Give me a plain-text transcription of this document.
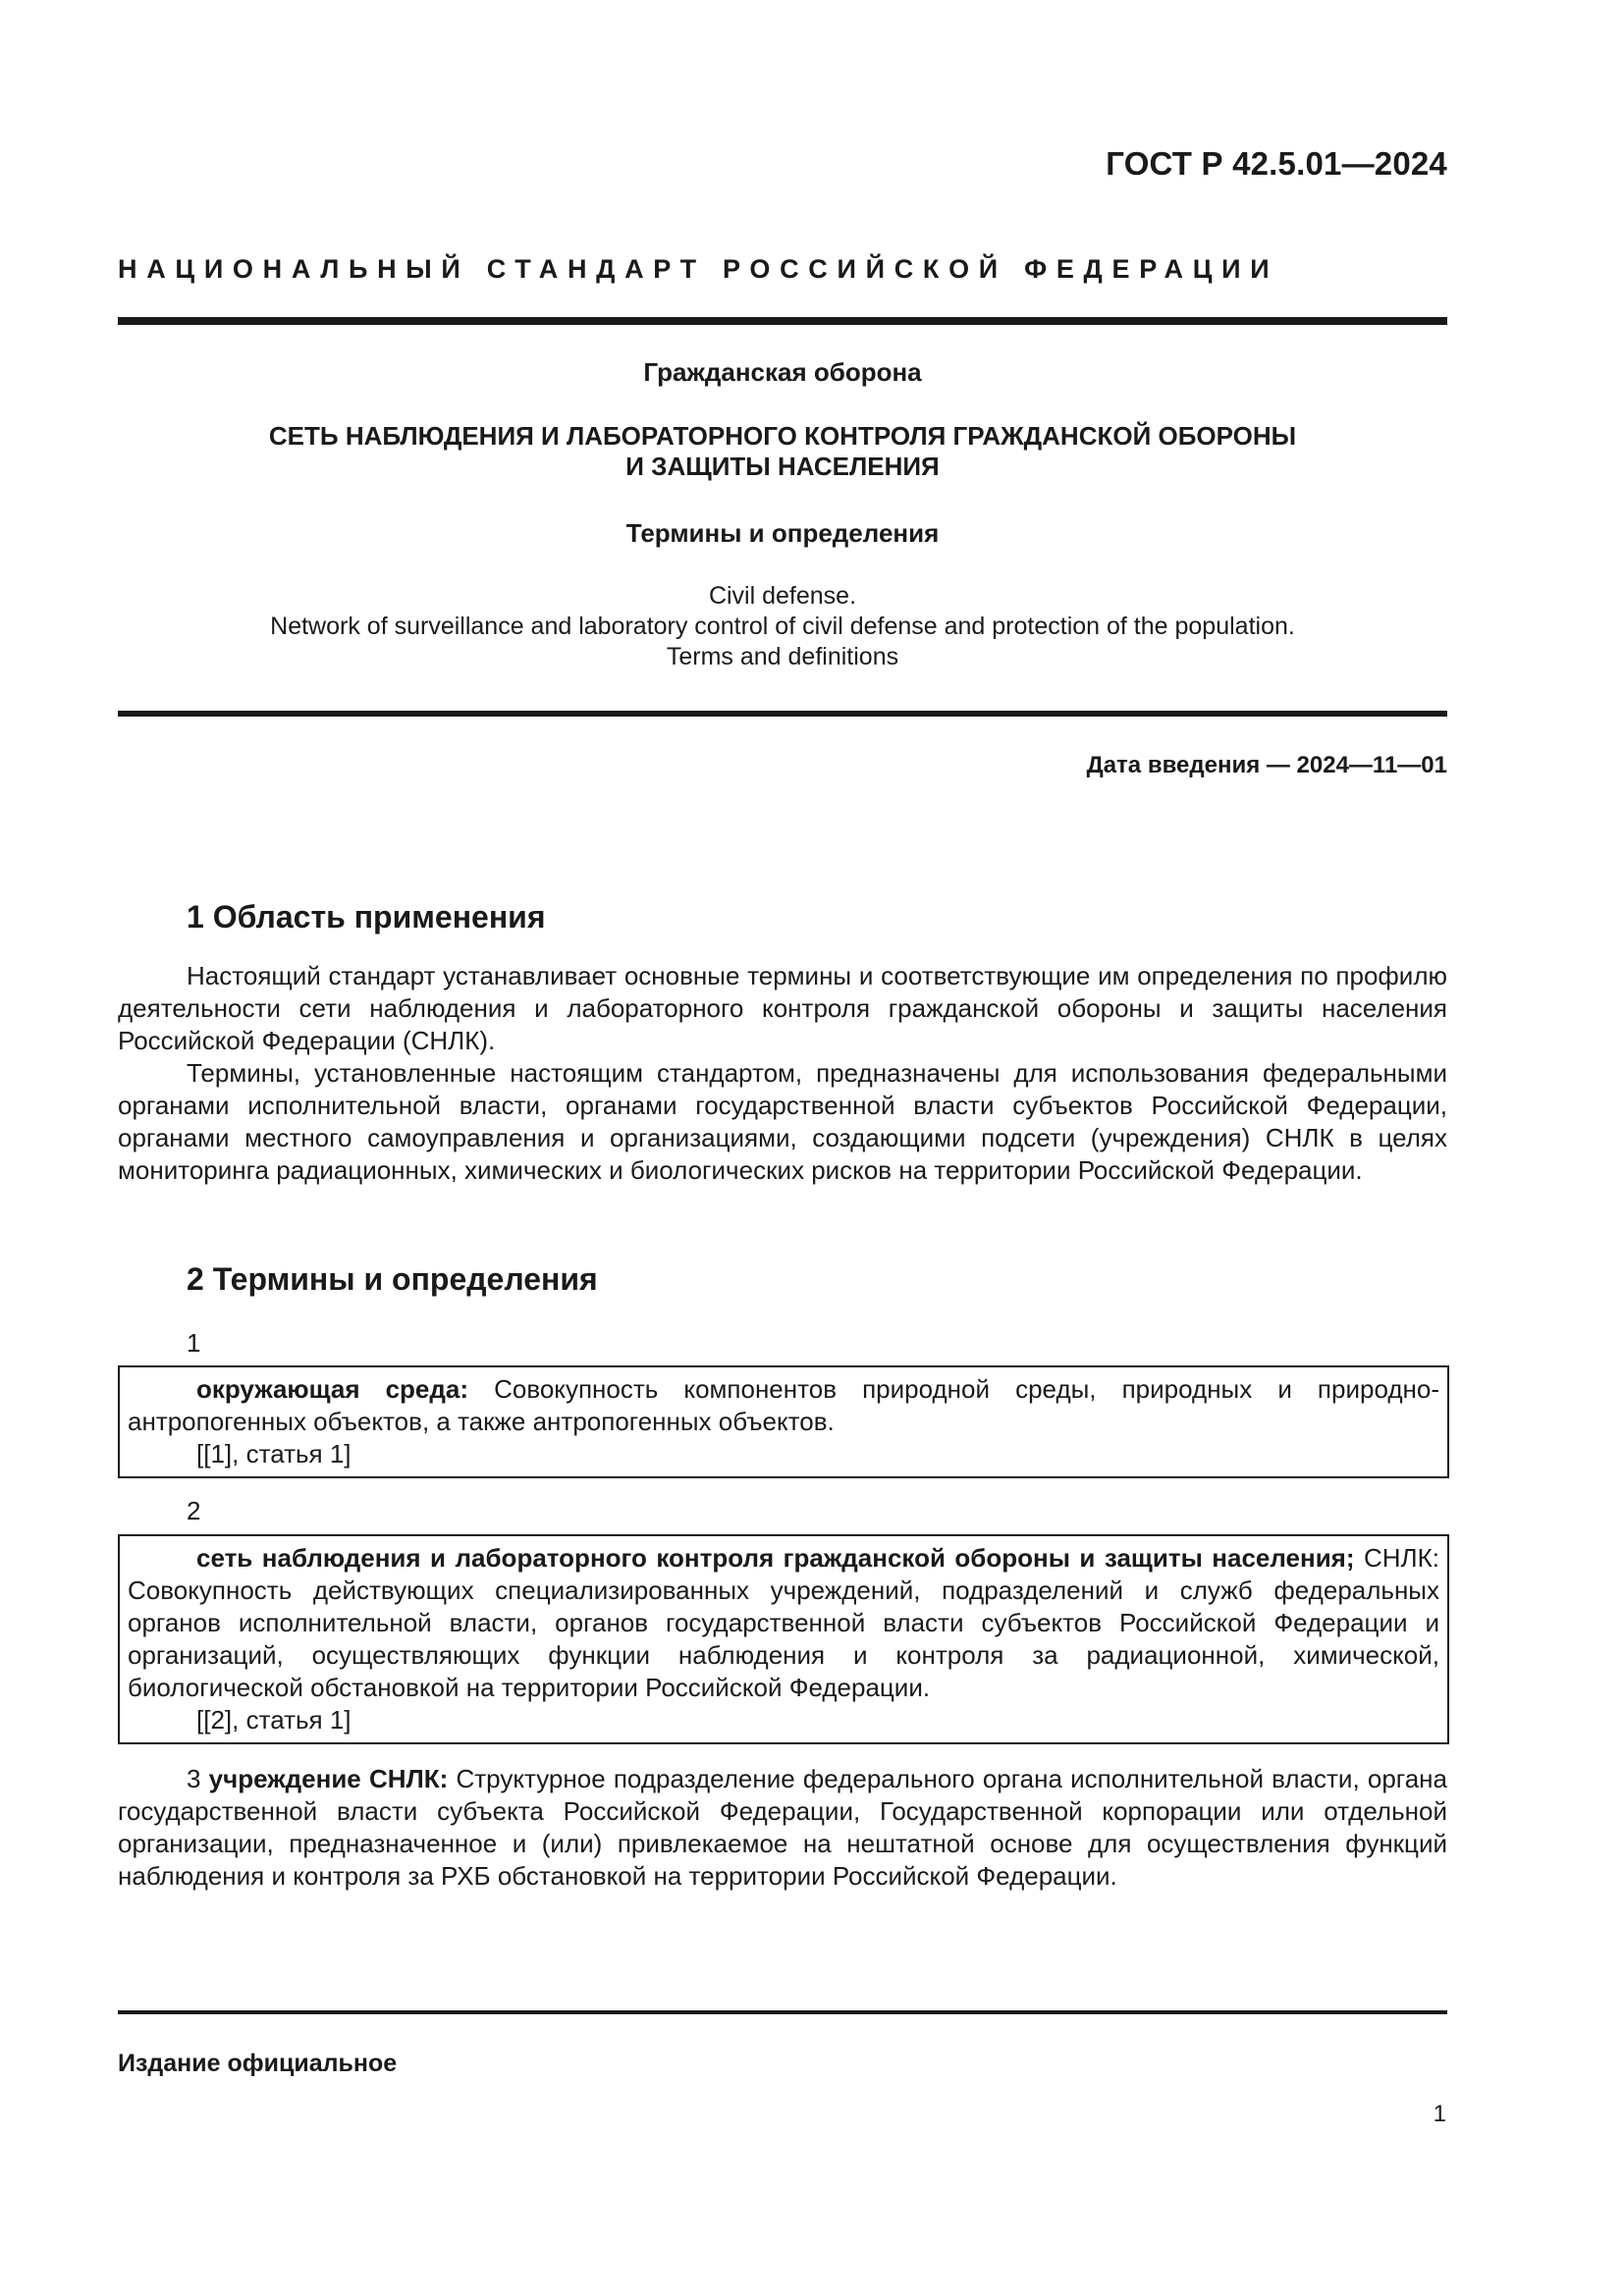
ГОСТ Р 42.5.01—2024
НАЦИОНАЛЬНЫЙ СТАНДАРТ РОССИЙСКОЙ ФЕДЕРАЦИИ
Гражданская оборона
СЕТЬ НАБЛЮДЕНИЯ И ЛАБОРАТОРНОГО КОНТРОЛЯ ГРАЖДАНСКОЙ ОБОРОНЫ
И ЗАЩИТЫ НАСЕЛЕНИЯ
Термины и определения
Civil defense.
Network of surveillance and laboratory control of civil defense and protection of the population.
Terms and definitions
Дата введения — 2024—11—01
1 Область применения

Настоящий стандарт устанавливает основные термины и соответствующие им определения по профилю деятельности сети наблюдения и лабораторного контроля гражданской обороны и защиты населения Российской Федерации (СНЛК).

Термины, установленные настоящим стандартом, предназначены для использования федеральными органами исполнительной власти, органами государственной власти субъектов Российской Федерации, органами местного самоуправления и организациями, создающими подсети (учреждения) СНЛК в целях мониторинга радиационных, химических и биологических рисков на территории Российской Федерации.

2 Термины и определения
1
окружающая среда: Совокупность компонентов природной среды, природных и природно-антропогенных объектов, а также антропогенных объектов.
[[1], статья 1]
2
сеть наблюдения и лабораторного контроля гражданской обороны и защиты населения; СНЛК: Совокупность действующих специализированных учреждений, подразделений и служб федеральных органов исполнительной власти, органов государственной власти субъектов Российской Федерации и организаций, осуществляющих функции наблюдения и контроля за радиационной, химической, биологической обстановкой на территории Российской Федерации.
[[2], статья 1]
3 учреждение СНЛК: Структурное подразделение федерального органа исполнительной власти, органа государственной власти субъекта Российской Федерации, Государственной корпорации или отдельной организации, предназначенное и (или) привлекаемое на нештатной основе для осуществления функций наблюдения и контроля за РХБ обстановкой на территории Российской Федерации.
Издание официальное
1
